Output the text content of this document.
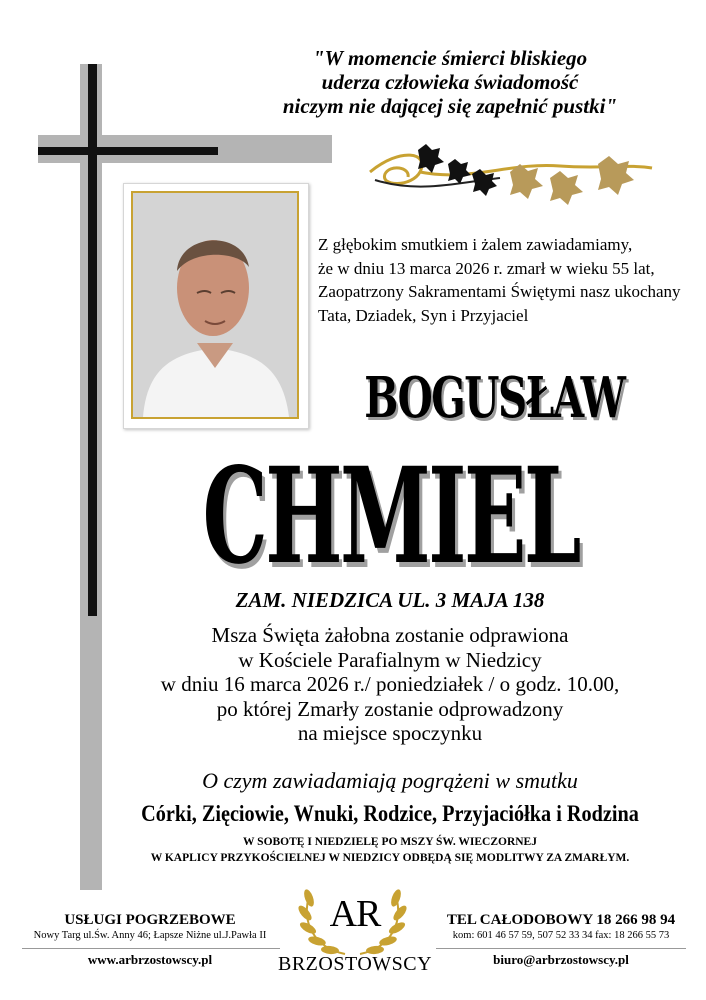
"W momencie śmierci bliskiego
uderza człowieka świadomość
niczym nie dającej się zapełnić pustki"
Z głębokim smutkiem i żalem zawiadamiamy,
że w dniu 13 marca 2026 r. zmarł w wieku 55 lat,
Zaopatrzony Sakramentami Świętymi nasz ukochany
Tata, Dziadek, Syn i Przyjaciel
BOGUSŁAW
CHMIEL
ZAM. NIEDZICA UL. 3 MAJA 138
Msza Święta żałobna zostanie odprawiona
w Kościele Parafialnym w Niedzicy
w dniu 16 marca 2026 r./ poniedziałek / o godz. 10.00,
po której Zmarły zostanie odprowadzony
na miejsce spoczynku
O czym zawiadamiają pogrążeni w smutku
Córki, Zięciowie, Wnuki, Rodzice, Przyjaciółka i Rodzina
W SOBOTĘ I NIEDZIELĘ PO MSZY ŚW. WIECZORNEJ
W KAPLICY PRZYKOŚCIELNEJ W NIEDZICY ODBĘDĄ SIĘ MODLITWY ZA ZMARŁYM.
USŁUGI POGRZEBOWE
Nowy Targ ul.Św. Anny 46; Łapsze Niżne ul.J.Pawła II
www.arbrzostowscy.pl
AR
BRZOSTOWSCY
TEL CAŁODOBOWY 18 266 98 94
kom: 601 46 57 59, 507 52 33 34 fax: 18 266 55 73
biuro@arbrzostowscy.pl
